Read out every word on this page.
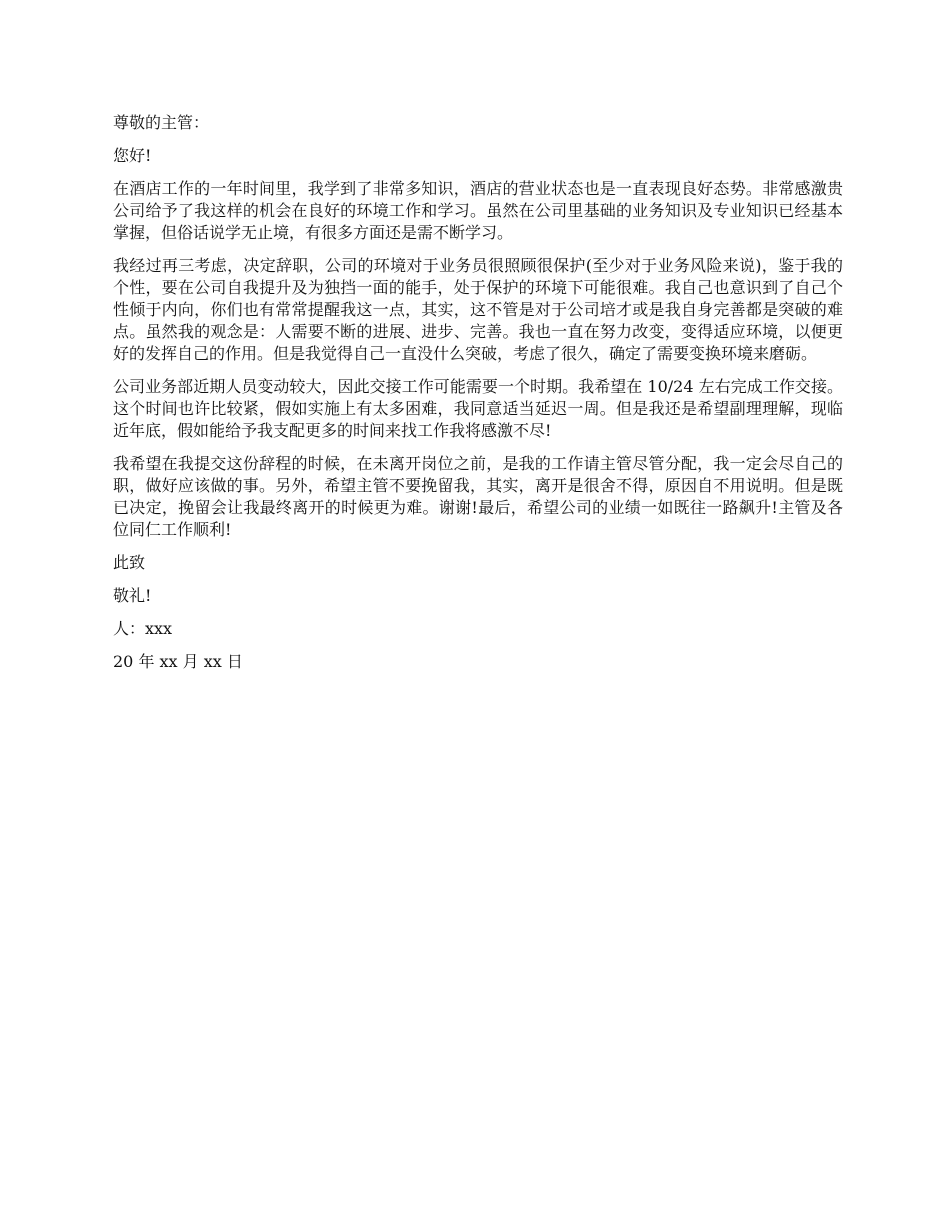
尊敬的主管：

您好!

在酒店工作的一年时间里，我学到了非常多知识，酒店的营业状态也是一直表现良好态势。非常感激贵公司给予了我这样的机会在良好的环境工作和学习。虽然在公司里基础的业务知识及专业知识已经基本掌握，但俗话说学无止境，有很多方面还是需不断学习。

我经过再三考虑，决定辞职，公司的环境对于业务员很照顾很保护(至少对于业务风险来说)，鉴于我的个性，要在公司自我提升及为独挡一面的能手，处于保护的环境下可能很难。我自己也意识到了自己个性倾于内向，你们也有常常提醒我这一点，其实，这不管是对于公司培才或是我自身完善都是突破的难点。虽然我的观念是：人需要不断的进展、进步、完善。我也一直在努力改变，变得适应环境，以便更好的发挥自己的作用。但是我觉得自己一直没什么突破，考虑了很久，确定了需要变换环境来磨砺。

公司业务部近期人员变动较大，因此交接工作可能需要一个时期。我希望在 10/24 左右完成工作交接。这个时间也许比较紧，假如实施上有太多困难，我同意适当延迟一周。但是我还是希望副理理解，现临近年底，假如能给予我支配更多的时间来找工作我将感激不尽!

我希望在我提交这份辞程的时候，在未离开岗位之前，是我的工作请主管尽管分配，我一定会尽自己的职，做好应该做的事。另外，希望主管不要挽留我，其实，离开是很舍不得，原因自不用说明。但是既已决定，挽留会让我最终离开的时候更为难。谢谢!最后，希望公司的业绩一如既往一路飙升!主管及各位同仁工作顺利!

此致

敬礼!

人：xxx

20 年 xx 月 xx 日
